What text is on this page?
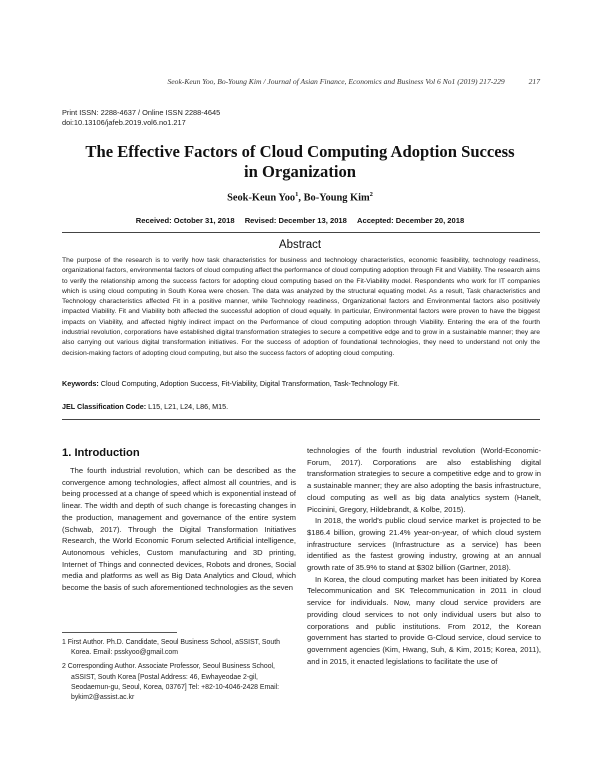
Seok-Keun Yoo, Bo-Young Kim / Journal of Asian Finance, Economics and Business Vol 6 No1 (2019) 217-229	217
Print ISSN: 2288-4637 / Online ISSN 2288-4645
doi:10.13106/jafeb.2019.vol6.no1.217
The Effective Factors of Cloud Computing Adoption Success
in Organization
Seok-Keun Yoo$^1$, Bo-Young Kim$^2$
Received: October 31, 2018 Revised: December 13, 2018 Accepted: December 20, 2018
Abstract
The purpose of the research is to verify how task characteristics for business and technology characteristics, economic feasibility, technology readiness, organizational factors, environmental factors of cloud computing affect the performance of cloud computing adoption through Fit and Viability. The research aims to verify the relationship among the success factors for adopting cloud computing based on the Fit-Viability model. Respondents who work for IT companies which is using cloud computing in South Korea were chosen. The data was analyzed by the structural equating model. As a result, Task characteristics and Technology characteristics affected Fit in a positive manner, while Technology readiness, Organizational factors and Environmental factors also positively impacted Viability. Fit and Viability both affected the successful adoption of cloud equally. In particular, Environmental factors were proven to have the biggest impacts on Viability, and affected highly indirect impact on the Performance of cloud computing adoption through Viability. Entering the era of the fourth industrial revolution, corporations have established digital transformation strategies to secure a competitive edge and to grow in a sustainable manner; they are also carrying out various digital transformation initiatives. For the success of adoption of foundational technologies, they need to understand not only the decision-making factors of adopting cloud computing, but also the success factors of adopting cloud computing.
Keywords: Cloud Computing, Adoption Success, Fit-Viability, Digital Transformation, Task-Technology Fit.
JEL Classification Code: L15, L21, L24, L86, M15.
1. Introduction

The fourth industrial revolution, which can be described as the convergence among technologies, affect almost all countries, and is being processed at a change of speed which is exponential instead of linear. The width and depth of such change is forecasting changes in the production, management and governance of the entire system (Schwab, 2017). Through the Digital Transformation Initiatives Research, the World Economic Forum selected Artificial intelligence, Autonomous vehicles, Custom manufacturing and 3D printing, Internet of Things and connected devices, Robots and drones, Social media and platforms as well as Big Data Analytics and Cloud, which become the basis of such aforementioned technologies as the seven

technologies of the fourth industrial revolution (World-Economic-Forum, 2017). Corporations are also establishing digital transformation strategies to secure a competitive edge and to grow in a sustainable manner; they are also adopting the basis infrastructure, cloud computing as well as big data analytics system (Hanelt, Piccinini, Gregory, Hildebrandt, & Kolbe, 2015).

In 2018, the world's public cloud service market is projected to be $186.4 billion, growing 21.4% year-on-year, of which cloud system infrastructure services (Infrastructure as a service) has been identified as the fastest growing industry, growing at an annual growth rate of 35.9% to stand at $302 billion (Gartner, 2018).

In Korea, the cloud computing market has been initiated by Korea Telecommunication and SK Telecommunication in 2011 in cloud service for individuals. Now, many cloud service providers are providing cloud services to not only individual users but also to corporations and public institutions. From 2012, the Korean government has started to provide G-Cloud service, cloud service to government agencies (Kim, Hwang, Suh, & Kim, 2015; Korea, 2011), and in 2015, it enacted legislations to facilitate the use of

1 First Author. Ph.D. Candidate, Seoul Business School, aSSIST, South Korea. Email: psskyoo@gmail.com
2 Corresponding Author. Associate Professor, Seoul Business School, aSSIST, South Korea [Postal Address: 46, Ewhayeodae 2-gil, Seodaemun-gu, Seoul, Korea, 03767] Tel: +82-10-4046-2428 Email: bykim2@assist.ac.kr
